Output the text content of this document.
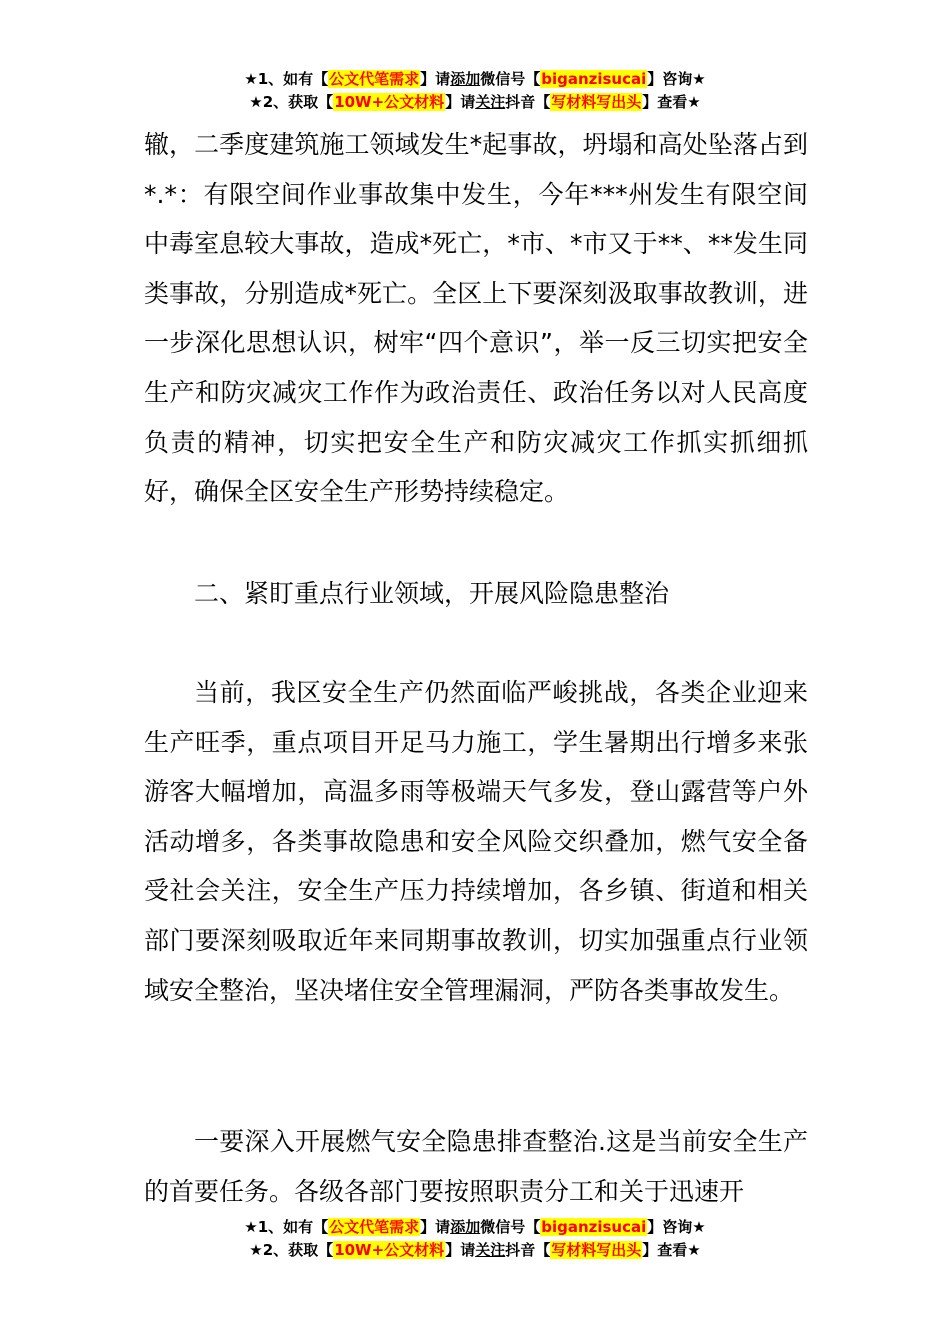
★1、如有【公文代笔需求】请添加微信号【biganzisucai】咨询★
★2、获取【10W+公文材料】请关注抖音【写材料写出头】查看★

辙，二季度建筑施工领域发生*起事故，坍塌和高处坠落占到*.*：有限空间作业事故集中发生，今年***州发生有限空间中毒室息较大事故，造成*死亡，*市、*市又于**、**发生同类事故，分别造成*死亡。全区上下要深刻汲取事故教训，进一步深化思想认识，树牢“四个意识”，举一反三切实把安全生产和防灾减灾工作作为政治责任、政治任务以对人民高度负责的精神，切实把安全生产和防灾减灾工作抓实抓细抓好，确保全区安全生产形势持续稳定。

二、紧盯重点行业领域，开展风险隐患整治

当前，我区安全生产仍然面临严峻挑战，各类企业迎来生产旺季，重点项目开足马力施工，学生暑期出行增多来张游客大幅增加，高温多雨等极端天气多发，登山露营等户外活动增多，各类事故隐患和安全风险交织叠加，燃气安全备受社会关注，安全生产压力持续增加，各乡镇、街道和相关部门要深刻吸取近年来同期事故教训，切实加强重点行业领域安全整治，坚决堵住安全管理漏洞，严防各类事故发生。

一要深入开展燃气安全隐患排查整治.这是当前安全生产的首要任务。各级各部门要按照职责分工和关于迅速开

★1、如有【公文代笔需求】请添加微信号【biganzisucai】咨询★
★2、获取【10W+公文材料】请关注抖音【写材料写出头】查看★
